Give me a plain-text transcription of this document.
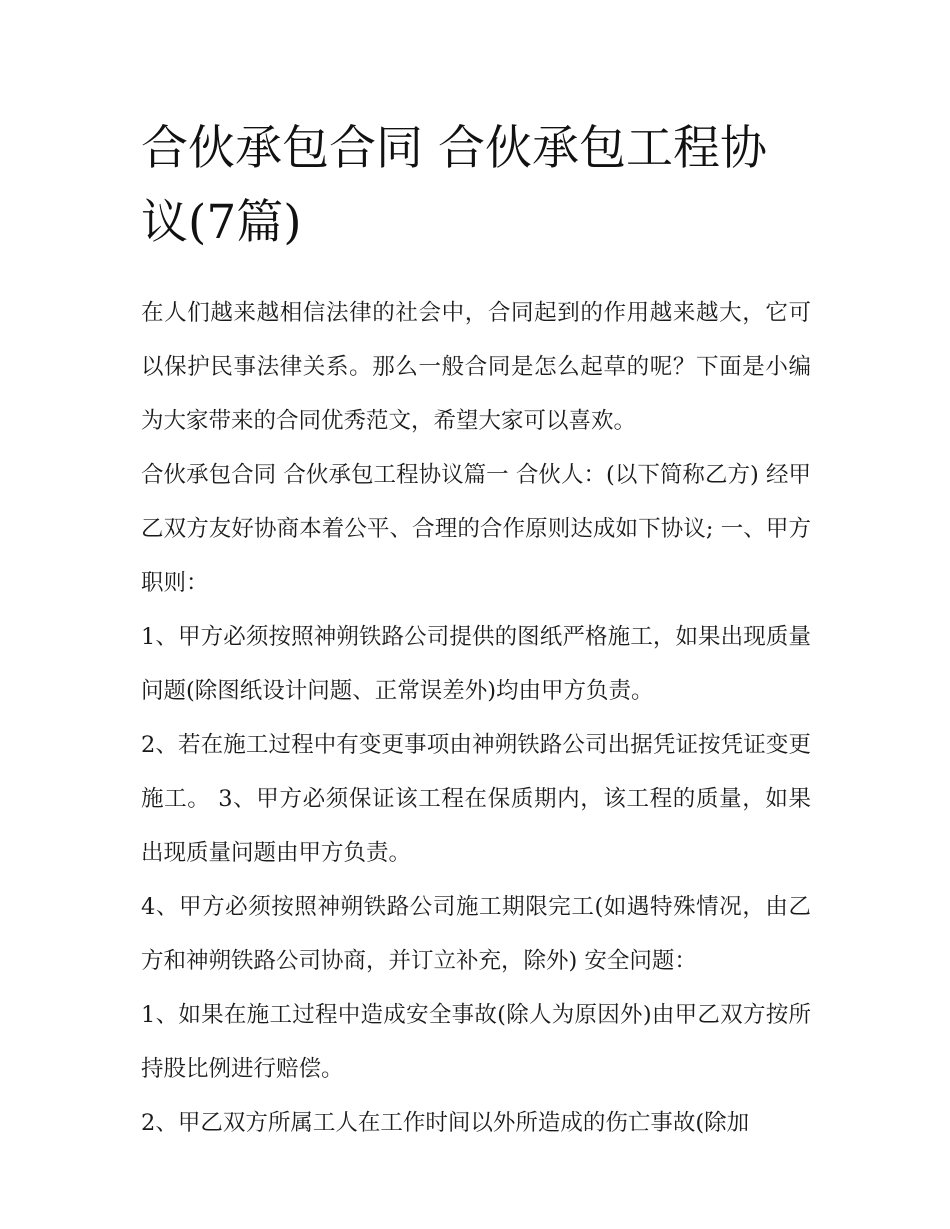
合伙承包合同 合伙承包工程协议(7篇)

在人们越来越相信法律的社会中，合同起到的作用越来越大，它可以保护民事法律关系。那么一般合同是怎么起草的呢？下面是小编为大家带来的合同优秀范文，希望大家可以喜欢。

合伙承包合同 合伙承包工程协议篇一 合伙人：(以下简称乙方) 经甲乙双方友好协商本着公平、合理的合作原则达成如下协议; 一、甲方职则：

1、甲方必须按照神朔铁路公司提供的图纸严格施工，如果出现质量问题(除图纸设计问题、正常误差外)均由甲方负责。

2、若在施工过程中有变更事项由神朔铁路公司出据凭证按凭证变更施工。 3、甲方必须保证该工程在保质期内，该工程的质量，如果出现质量问题由甲方负责。

4、甲方必须按照神朔铁路公司施工期限完工(如遇特殊情况，由乙方和神朔铁路公司协商，并订立补充，除外) 安全问题：

1、如果在施工过程中造成安全事故(除人为原因外)由甲乙双方按所持股比例进行赔偿。

2、甲乙双方所属工人在工作时间以外所造成的伤亡事故(除加
